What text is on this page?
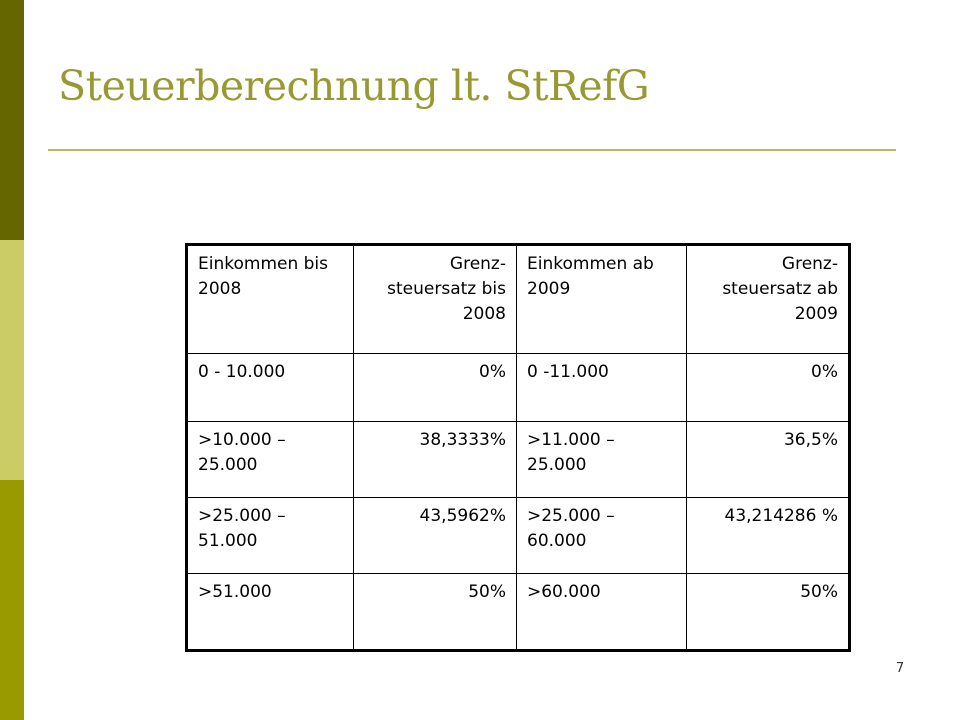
Steuerberechnung lt. StRefG
Einkommen bis 2008	Grenz-steuersatz bis 2008	Einkommen ab 2009	Grenz-steuersatz ab 2009
0 - 10.000	0%	0 -11.000	0%
>10.000 – 25.000	38,3333%	>11.000 – 25.000	36,5%
>25.000 – 51.000	43,5962%	>25.000 – 60.000	43,214286 %
>51.000	50%	>60.000	50%
7
